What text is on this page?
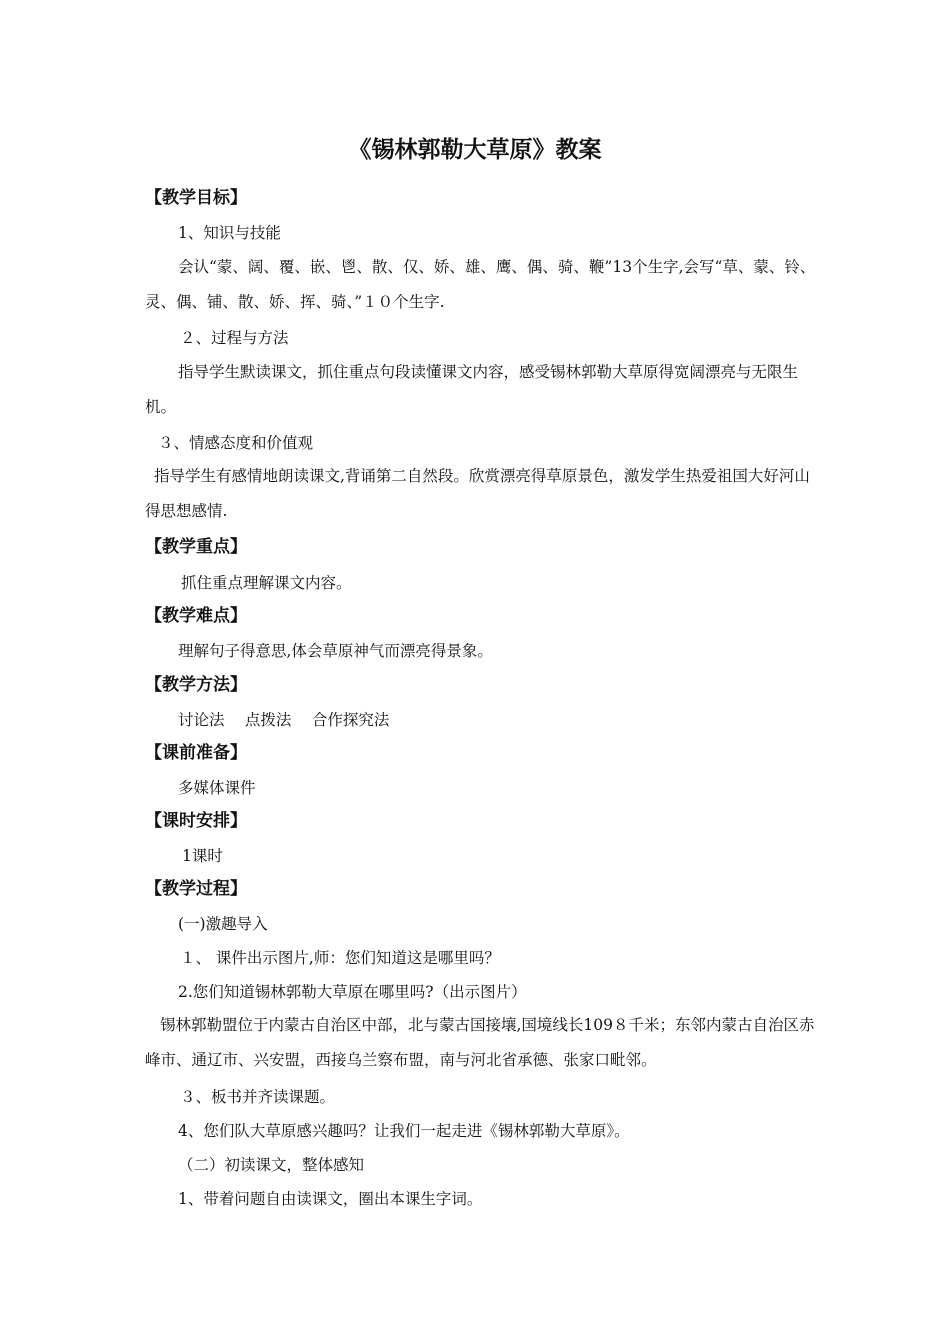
《锡林郭勒大草原》教案
【教学目标】
1、知识与技能
会认“蒙、阔、覆、嵌、鬯、散、仅、娇、雄、鹰、偶、骑、鞭”13个生字,会写“草、蒙、铃、灵、偶、铺、散、娇、挥、骑、”１０个生字.
２、过程与方法
指导学生默读课文，抓住重点句段读懂课文内容，感受锡林郭勒大草原得宽阔漂亮与无限生机。
３、情感态度和价值观
指导学生有感情地朗读课文,背诵第二自然段。欣赏漂亮得草原景色，激发学生热爱祖国大好河山得思想感情.
【教学重点】
抓住重点理解课文内容。
【教学难点】
理解句子得意思,体会草原神气而漂亮得景象。
【教学方法】
讨论法　 点拨法　 合作探究法
【课前准备】
多媒体课件
【课时安排】
1课时
【教学过程】
(一)激趣导入
１、 课件出示图片,师：您们知道这是哪里吗？
2.您们知道锡林郭勒大草原在哪里吗?（出示图片）
锡林郭勒盟位于内蒙古自治区中部，北与蒙古国接壤,国境线长109８千米；东邻内蒙古自治区赤峰市、通辽市、兴安盟，西接乌兰察布盟，南与河北省承德、张家口毗邻。
３、板书并齐读课题。
4、您们队大草原感兴趣吗？让我们一起走进《锡林郭勒大草原》。
（二）初读课文，整体感知
1、带着问题自由读课文，圈出本课生字词。
